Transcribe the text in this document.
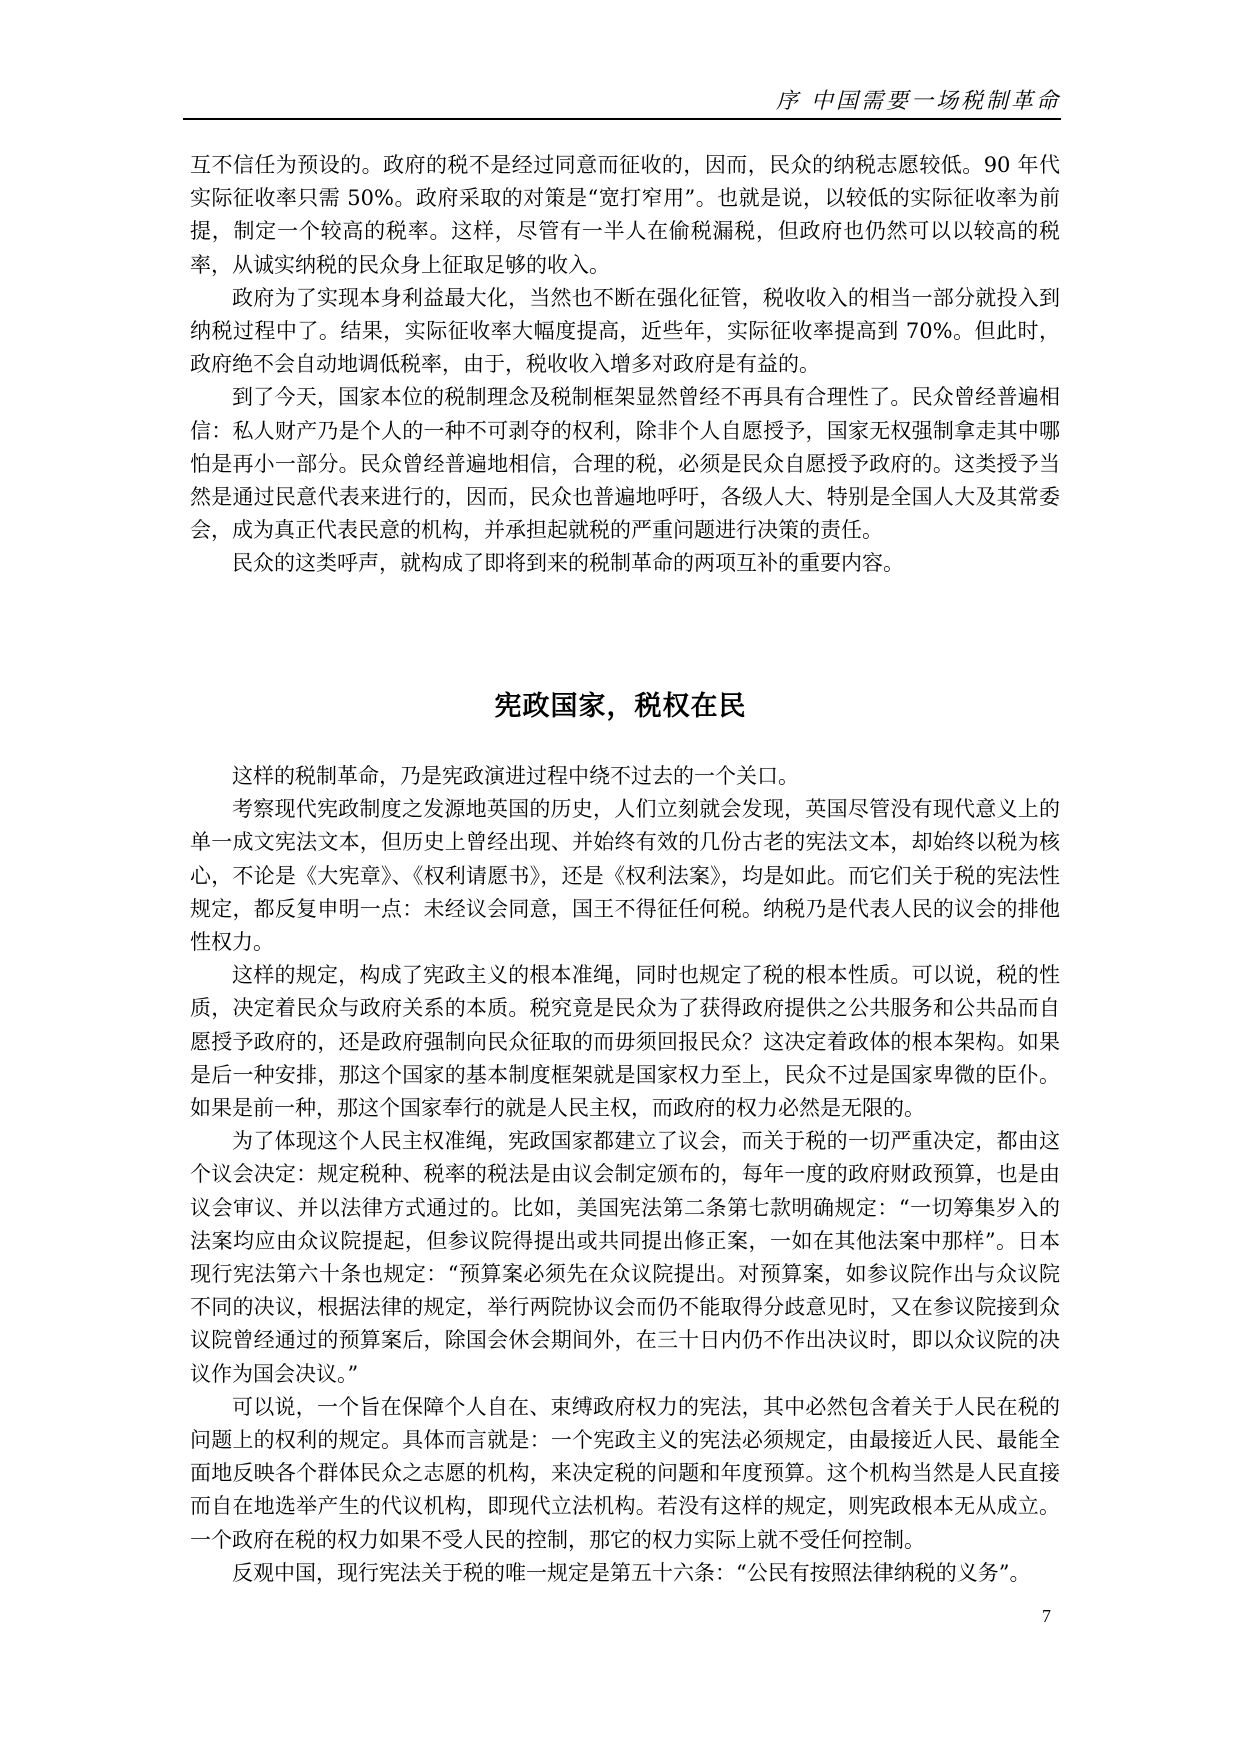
序 中国需要一场税制革命

互不信任为预设的。政府的税不是经过同意而征收的，因而，民众的纳税志愿较低。90 年代实际征收率只需 50%。政府采取的对策是“宽打窄用”。也就是说，以较低的实际征收率为前提，制定一个较高的税率。这样，尽管有一半人在偷税漏税，但政府也仍然可以以较高的税率，从诚实纳税的民众身上征取足够的收入。

政府为了实现本身利益最大化，当然也不断在强化征管，税收收入的相当一部分就投入到纳税过程中了。结果，实际征收率大幅度提高，近些年，实际征收率提高到 70%。但此时，政府绝不会自动地调低税率，由于，税收收入增多对政府是有益的。

到了今天，国家本位的税制理念及税制框架显然曾经不再具有合理性了。民众曾经普遍相信：私人财产乃是个人的一种不可剥夺的权利，除非个人自愿授予，国家无权强制拿走其中哪怕是再小一部分。民众曾经普遍地相信，合理的税，必须是民众自愿授予政府的。这类授予当然是通过民意代表来进行的，因而，民众也普遍地呼吁，各级人大、特别是全国人大及其常委会，成为真正代表民意的机构，并承担起就税的严重问题进行决策的责任。

民众的这类呼声，就构成了即将到来的税制革命的两项互补的重要内容。

宪政国家，税权在民

这样的税制革命，乃是宪政演进过程中绕不过去的一个关口。

考察现代宪政制度之发源地英国的历史，人们立刻就会发现，英国尽管没有现代意义上的单一成文宪法文本，但历史上曾经出现、并始终有效的几份古老的宪法文本，却始终以税为核心，不论是《大宪章》、《权利请愿书》，还是《权利法案》，均是如此。而它们关于税的宪法性规定，都反复申明一点：未经议会同意，国王不得征任何税。纳税乃是代表人民的议会的排他性权力。

这样的规定，构成了宪政主义的根本准绳，同时也规定了税的根本性质。可以说，税的性质，决定着民众与政府关系的本质。税究竟是民众为了获得政府提供之公共服务和公共品而自愿授予政府的，还是政府强制向民众征取的而毋须回报民众？这决定着政体的根本架构。如果是后一种安排，那这个国家的基本制度框架就是国家权力至上，民众不过是国家卑微的臣仆。如果是前一种，那这个国家奉行的就是人民主权，而政府的权力必然是无限的。

为了体现这个人民主权准绳，宪政国家都建立了议会，而关于税的一切严重决定，都由这个议会决定：规定税种、税率的税法是由议会制定颁布的，每年一度的政府财政预算，也是由议会审议、并以法律方式通过的。比如，美国宪法第二条第七款明确规定：“一切筹集岁入的法案均应由众议院提起，但参议院得提出或共同提出修正案，一如在其他法案中那样”。日本现行宪法第六十条也规定：“预算案必须先在众议院提出。对预算案，如参议院作出与众议院不同的决议，根据法律的规定，举行两院协议会而仍不能取得分歧意见时，又在参议院接到众议院曾经通过的预算案后，除国会休会期间外，在三十日内仍不作出决议时，即以众议院的决议作为国会决议。”

可以说，一个旨在保障个人自在、束缚政府权力的宪法，其中必然包含着关于人民在税的问题上的权利的规定。具体而言就是：一个宪政主义的宪法必须规定，由最接近人民、最能全面地反映各个群体民众之志愿的机构，来决定税的问题和年度预算。这个机构当然是人民直接而自在地选举产生的代议机构，即现代立法机构。若没有这样的规定，则宪政根本无从成立。一个政府在税的权力如果不受人民的控制，那它的权力实际上就不受任何控制。

反观中国，现行宪法关于税的唯一规定是第五十六条：“公民有按照法律纳税的义务”。

7
